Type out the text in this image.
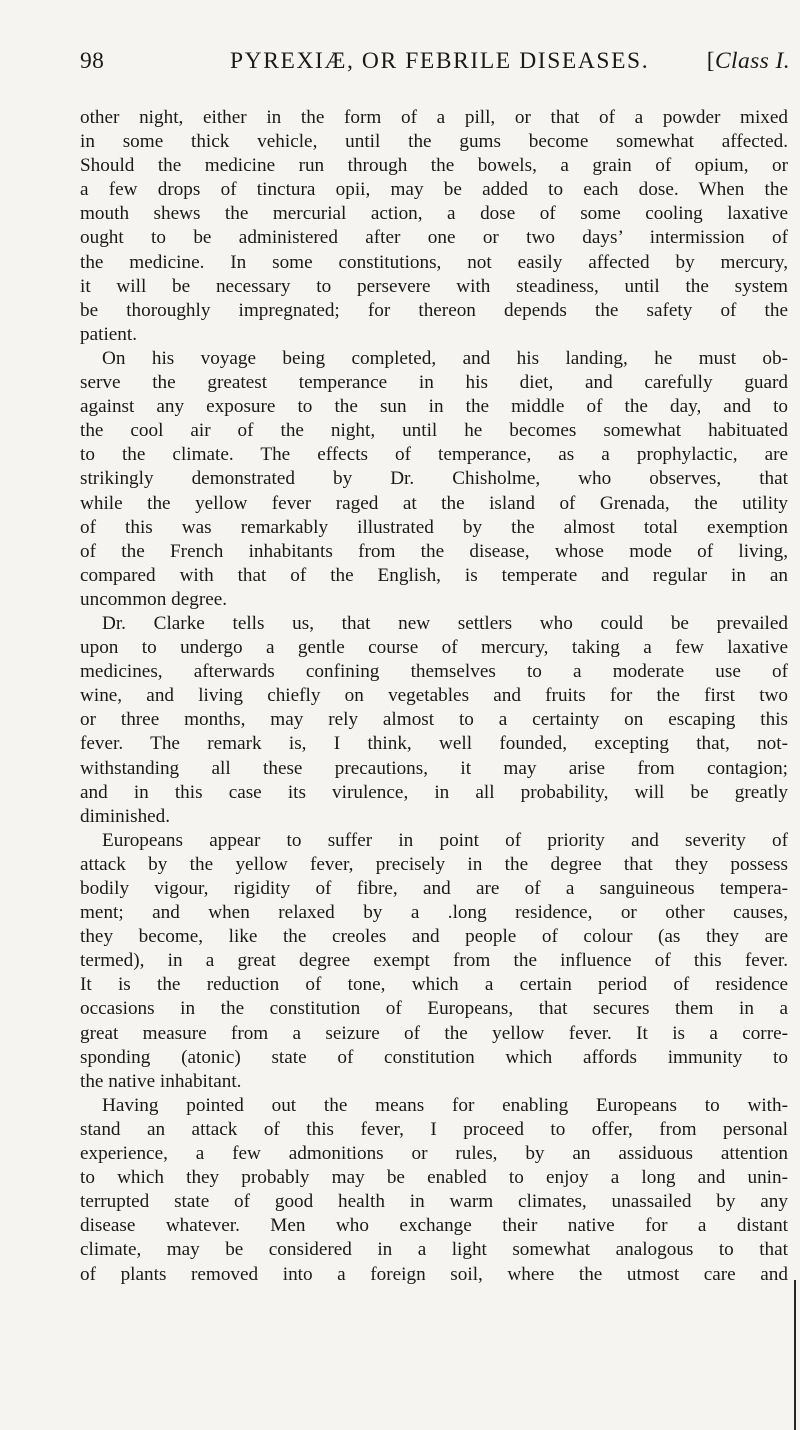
98	PYREXIÆ, OR FEBRILE DISEASES. [Class I.
other night, either in the form of a pill, or that of a powder mixed
in some thick vehicle, until the gums become somewhat affected.
Should the medicine run through the bowels, a grain of opium, or
a few drops of tinctura opii, may be added to each dose. When the
mouth shews the mercurial action, a dose of some cooling laxative
ought to be administered after one or two days’ intermission of
the medicine. In some constitutions, not easily affected by mercury,
it will be necessary to persevere with steadiness, until the system
be thoroughly impregnated; for thereon depends the safety of the
patient.
On his voyage being completed, and his landing, he must ob-
serve the greatest temperance in his diet, and carefully guard
against any exposure to the sun in the middle of the day, and to
the cool air of the night, until he becomes somewhat habituated
to the climate. The effects of temperance, as a prophylactic, are
strikingly demonstrated by Dr. Chisholme, who observes, that
while the yellow fever raged at the island of Grenada, the utility
of this was remarkably illustrated by the almost total exemption
of the French inhabitants from the disease, whose mode of living,
compared with that of the English, is temperate and regular in an
uncommon degree.
Dr. Clarke tells us, that new settlers who could be prevailed
upon to undergo a gentle course of mercury, taking a few laxative
medicines, afterwards confining themselves to a moderate use of
wine, and living chiefly on vegetables and fruits for the first two
or three months, may rely almost to a certainty on escaping this
fever. The remark is, I think, well founded, excepting that, not-
withstanding all these precautions, it may arise from contagion;
and in this case its virulence, in all probability, will be greatly
diminished.
Europeans appear to suffer in point of priority and severity of
attack by the yellow fever, precisely in the degree that they possess
bodily vigour, rigidity of fibre, and are of a sanguineous tempera-
ment; and when relaxed by a .long residence, or other causes,
they become, like the creoles and people of colour (as they are
termed), in a great degree exempt from the influence of this fever.
It is the reduction of tone, which a certain period of residence
occasions in the constitution of Europeans, that secures them in a
great measure from a seizure of the yellow fever. It is a corre-
sponding (atonic) state of constitution which affords immunity to
the native inhabitant.
Having pointed out the means for enabling Europeans to with-
stand an attack of this fever, I proceed to offer, from personal
experience, a few admonitions or rules, by an assiduous attention
to which they probably may be enabled to enjoy a long and unin-
terrupted state of good health in warm climates, unassailed by any
disease whatever. Men who exchange their native for a distant
climate, may be considered in a light somewhat analogous to that
of plants removed into a foreign soil, where the utmost care and
